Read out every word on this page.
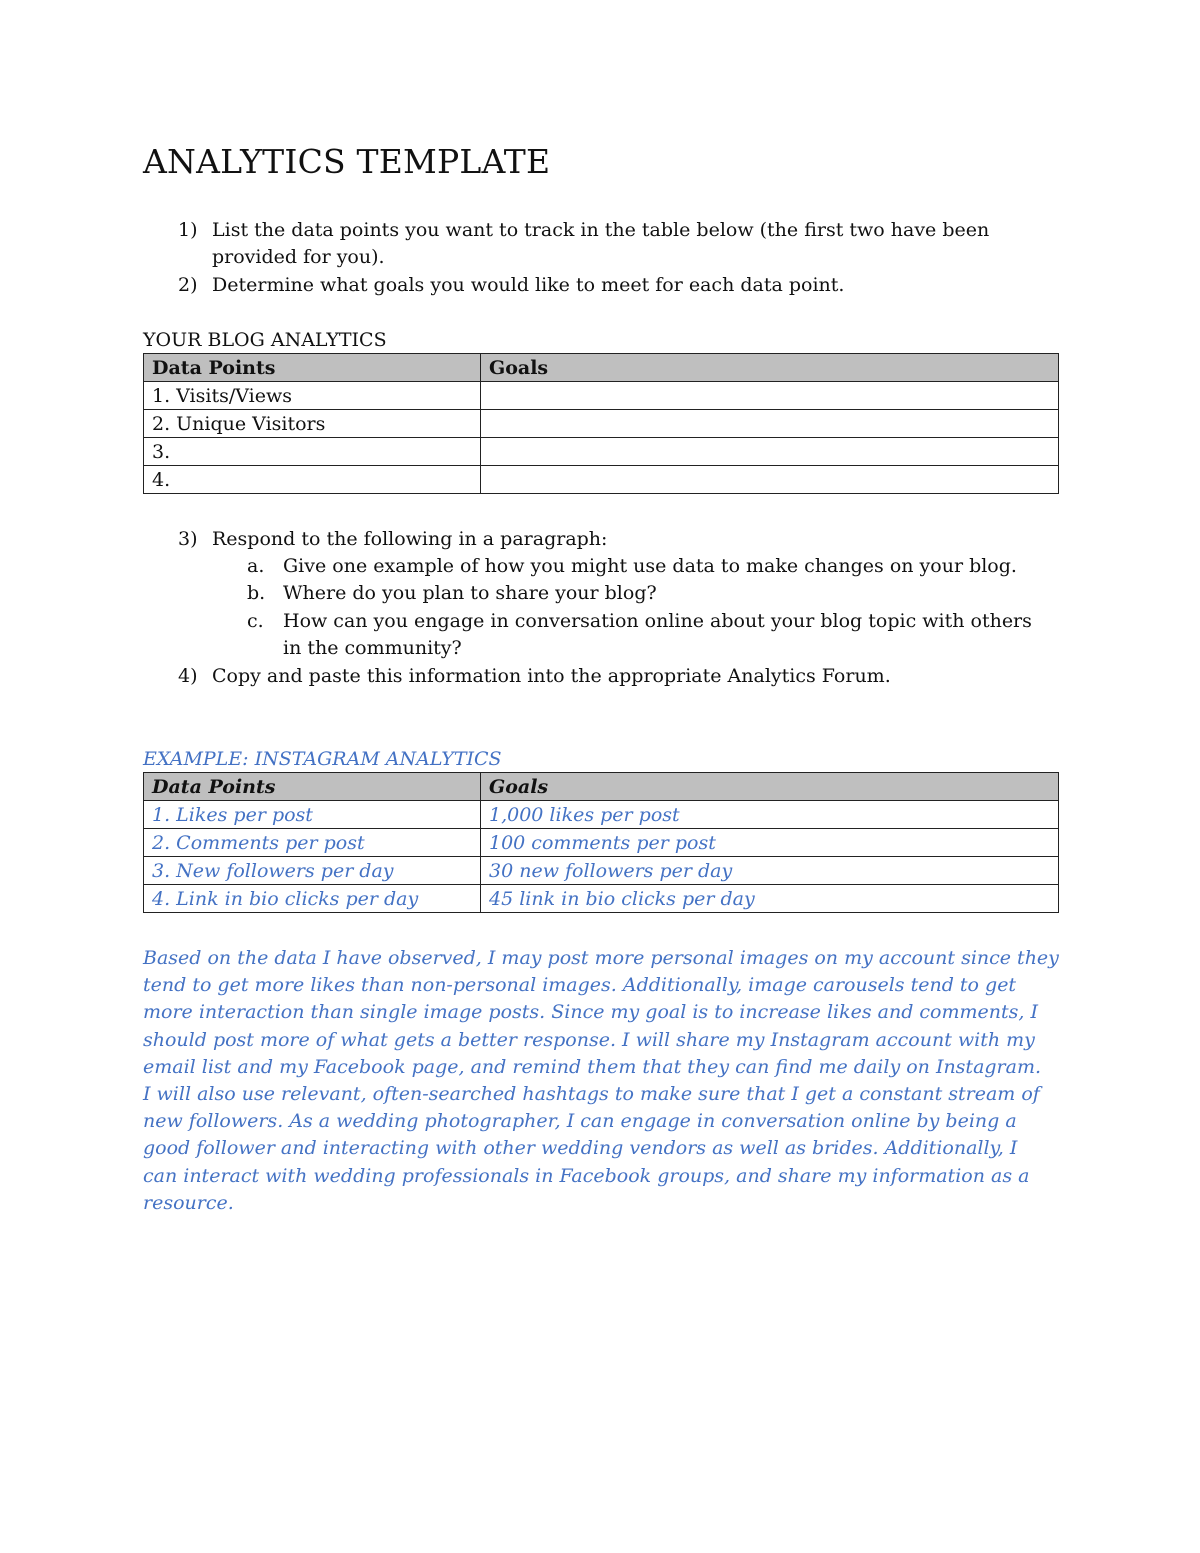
ANALYTICS TEMPLATE
1) List the data points you want to track in the table below (the first two have been
provided for you).
2) Determine what goals you would like to meet for each data point.
YOUR BLOG ANALYTICS
Data Points	Goals
1. Visits/Views	
2. Unique Visitors	
3.	
4.	
3) Respond to the following in a paragraph:
a. Give one example of how you might use data to make changes on your blog.
b. Where do you plan to share your blog?
c. How can you engage in conversation online about your blog topic with others
in the community?
4) Copy and paste this information into the appropriate Analytics Forum.
EXAMPLE: INSTAGRAM ANALYTICS
Data Points	Goals
1. Likes per post	1,000 likes per post
2. Comments per post	100 comments per post
3. New followers per day	30 new followers per day
4. Link in bio clicks per day	45 link in bio clicks per day
Based on the data I have observed, I may post more personal images on my account since they
tend to get more likes than non-personal images. Additionally, image carousels tend to get
more interaction than single image posts. Since my goal is to increase likes and comments, I
should post more of what gets a better response. I will share my Instagram account with my
email list and my Facebook page, and remind them that they can find me daily on Instagram.
I will also use relevant, often-searched hashtags to make sure that I get a constant stream of
new followers. As a wedding photographer, I can engage in conversation online by being a
good follower and interacting with other wedding vendors as well as brides. Additionally, I
can interact with wedding professionals in Facebook groups, and share my information as a
resource.
